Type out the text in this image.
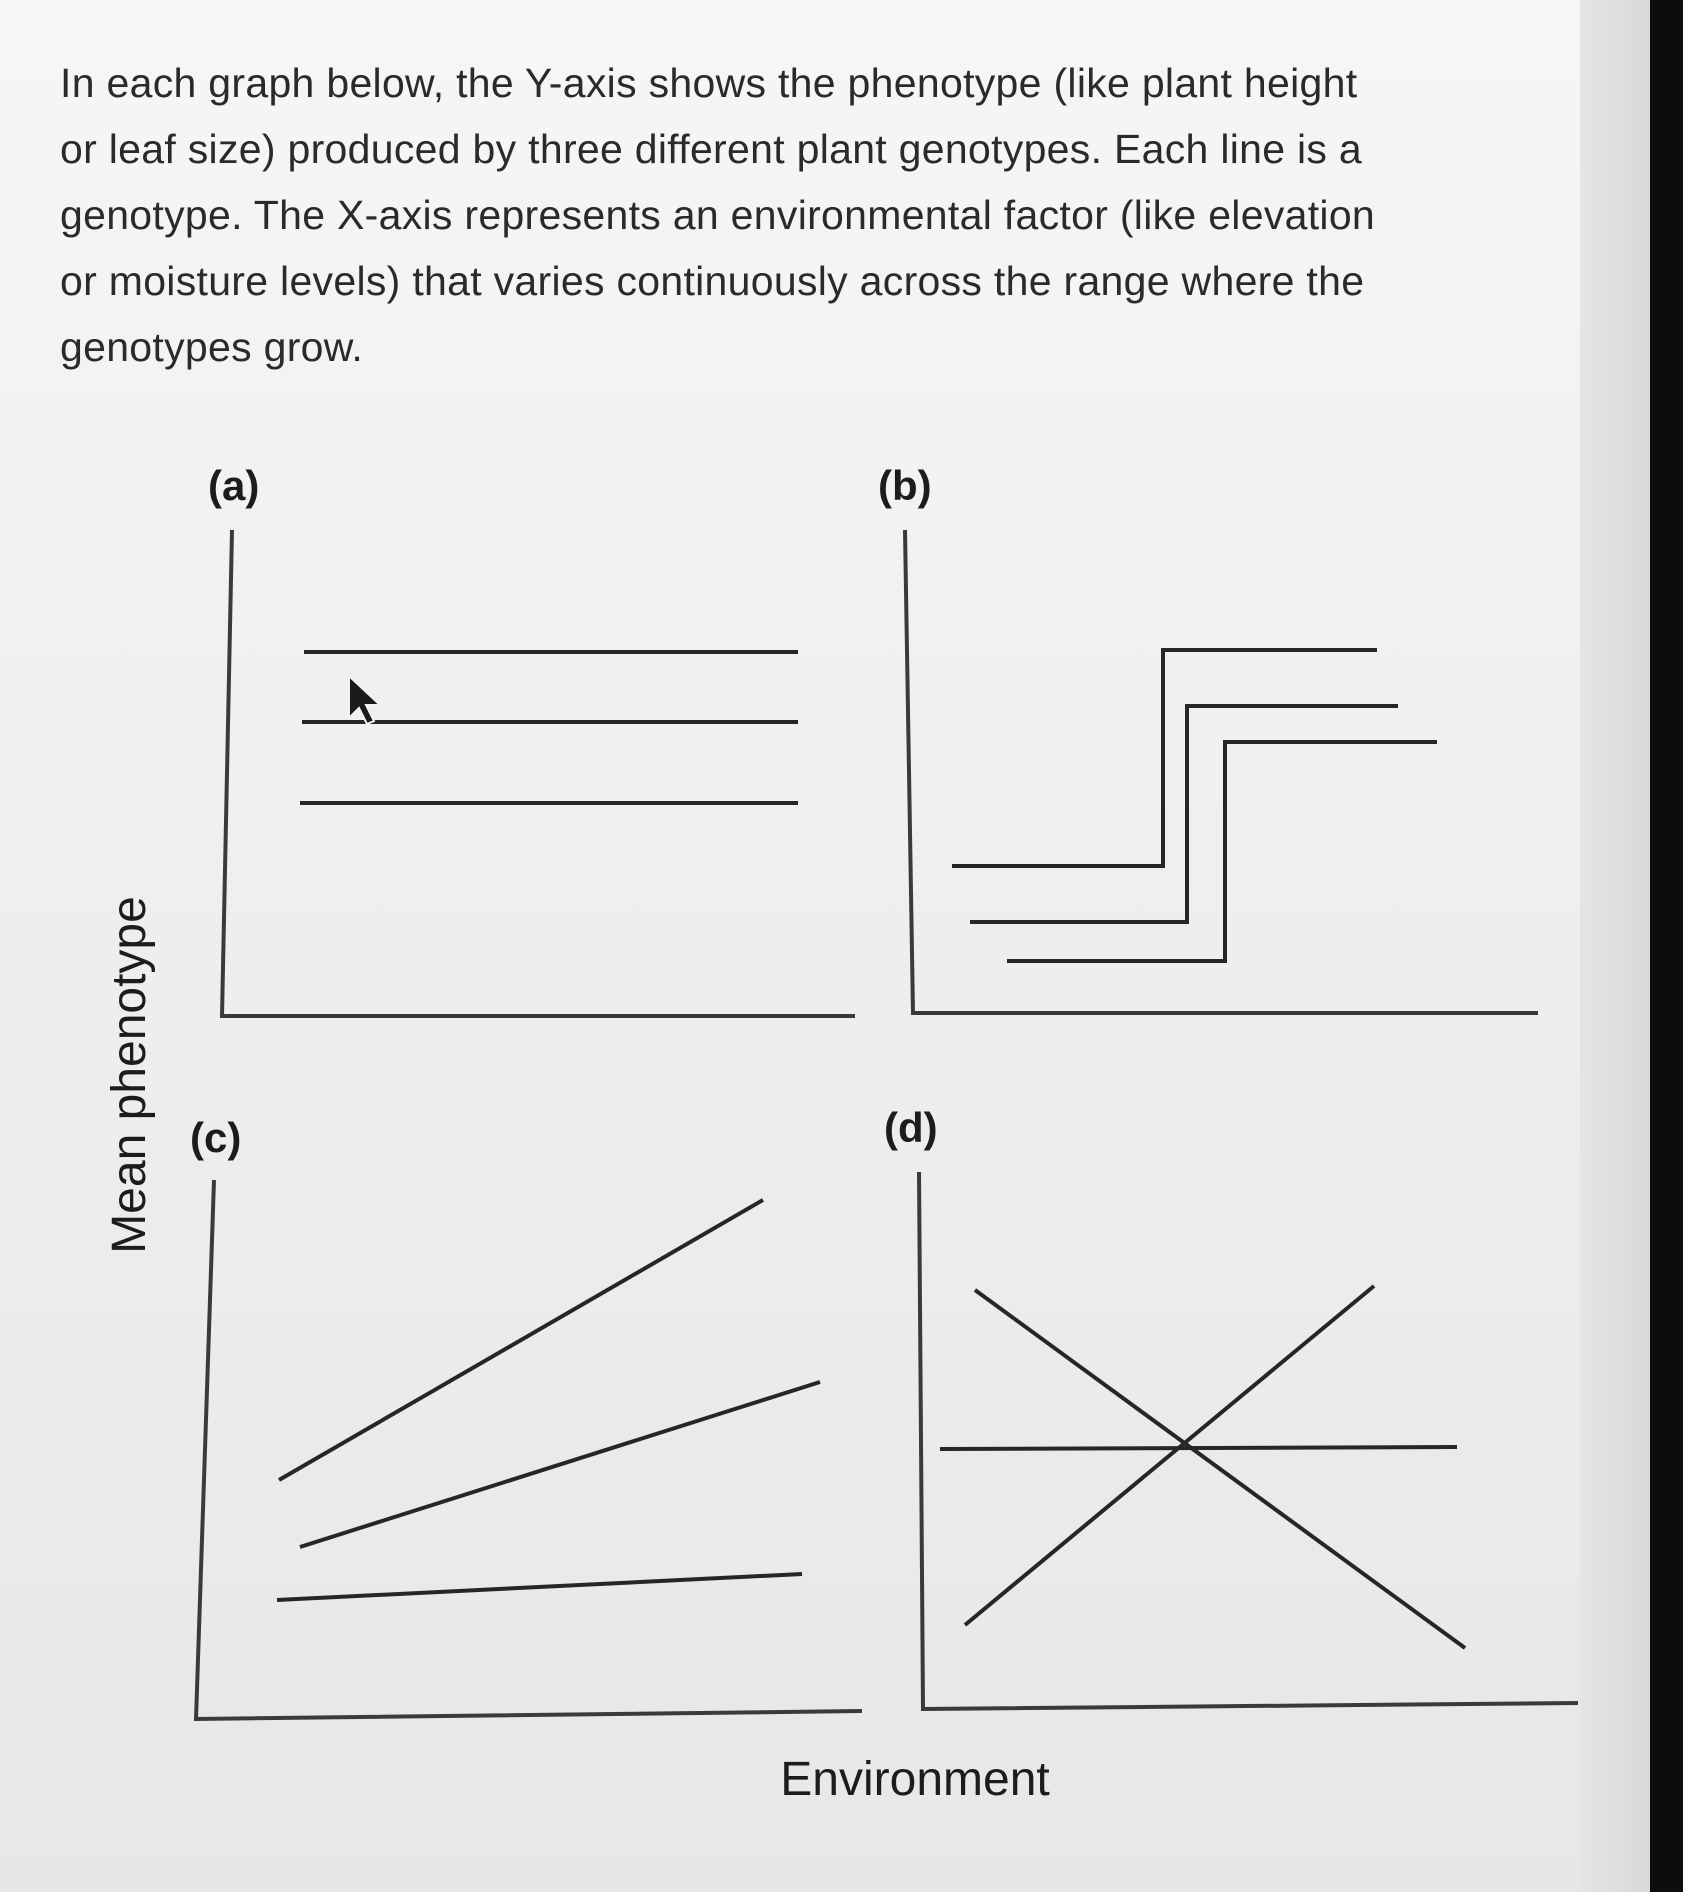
In each graph below, the Y-axis shows the phenotype (like plant height

or leaf size) produced by three different plant genotypes. Each line is a

genotype. The X-axis represents an environmental factor (like elevation

or moisture levels) that varies continuously across the range where the

genotypes grow.

Mean phenotype
Environment
(a)	(b)
(c)	(d)
